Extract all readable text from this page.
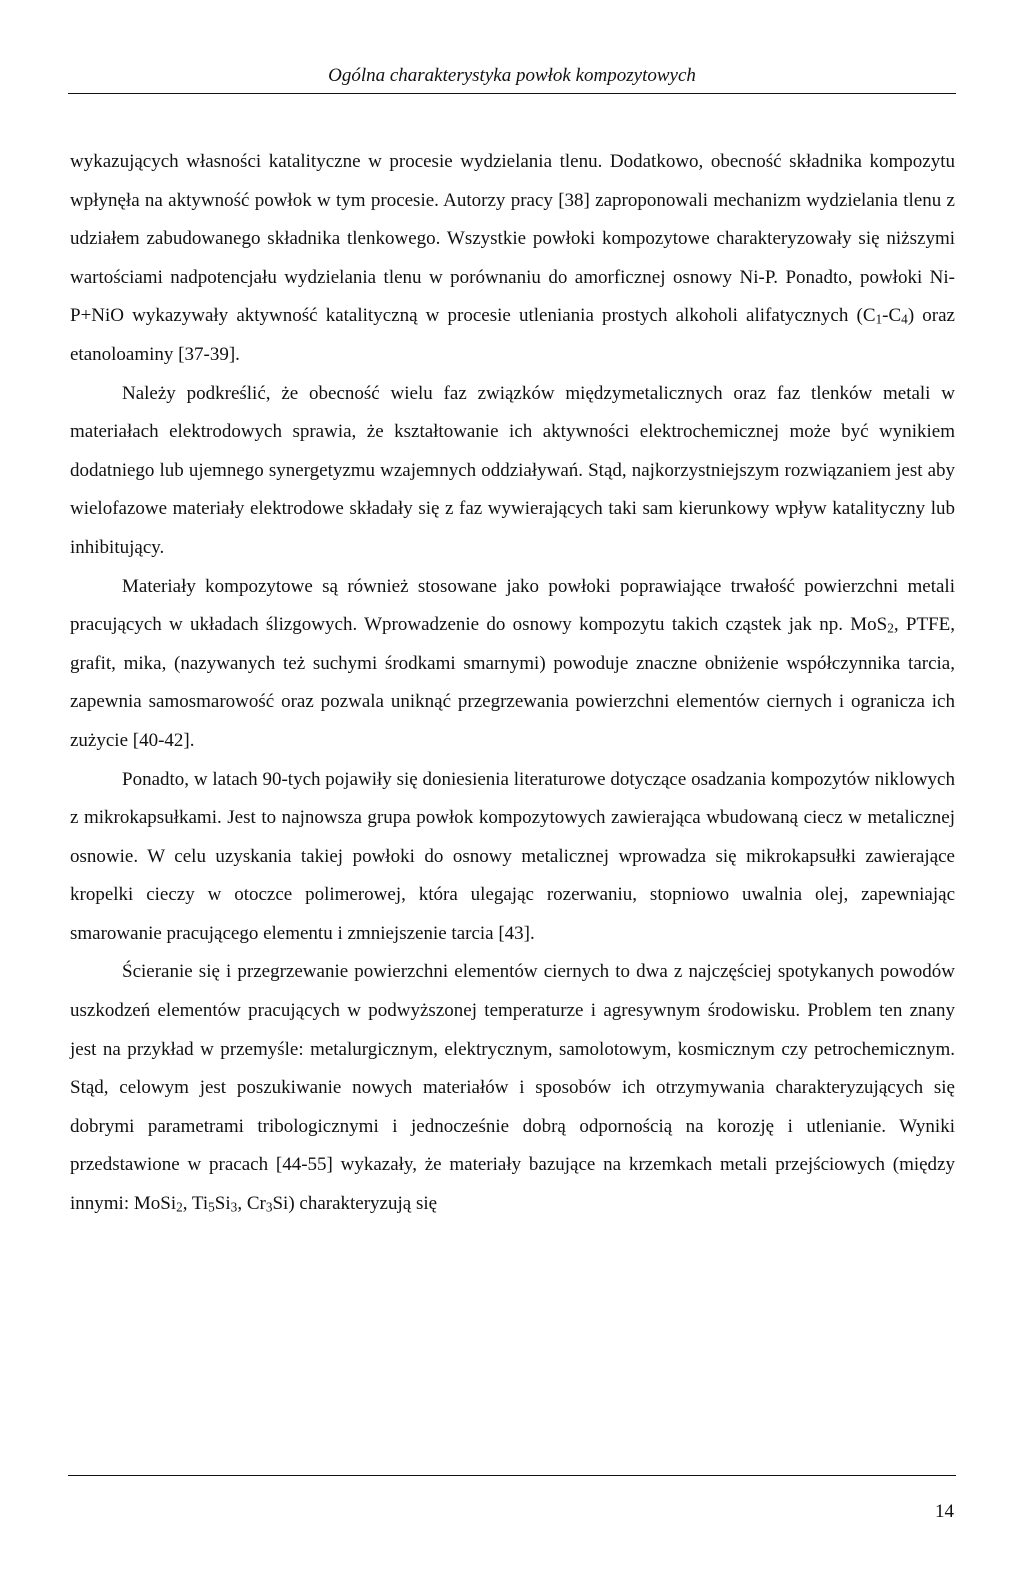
Ogólna charakterystyka powłok kompozytowych

wykazujących własności katalityczne w procesie wydzielania tlenu. Dodatkowo, obecność składnika kompozytu wpłynęła na aktywność powłok w tym procesie. Autorzy pracy [38] zaproponowali mechanizm wydzielania tlenu z udziałem zabudowanego składnika tlenkowego. Wszystkie powłoki kompozytowe charakteryzowały się niższymi wartościami nadpotencjału wydzielania tlenu w porównaniu do amorficznej osnowy Ni-P. Ponadto, powłoki Ni-P+NiO wykazywały aktywność katalityczną w procesie utleniania prostych alkoholi alifatycznych $(C_1-C_4)$ oraz etanoloaminy [37-39].

Należy podkreślić, że obecność wielu faz związków międzymetalicznych oraz faz tlenków metali w materiałach elektrodowych sprawia, że kształtowanie ich aktywności elektrochemicznej może być wynikiem dodatniego lub ujemnego synergetyzmu wzajemnych oddziaływań. Stąd, najkorzystniejszym rozwiązaniem jest aby wielofazowe materiały elektrodowe składały się z faz wywierających taki sam kierunkowy wpływ katalityczny lub inhibitujący.

Materiały kompozytowe są również stosowane jako powłoki poprawiające trwałość powierzchni metali pracujących w układach ślizgowych. Wprowadzenie do osnowy kompozytu takich cząstek jak np. MoS$_2$, PTFE, grafit, mika, (nazywanych też suchymi środkami smarnymi) powoduje znaczne obniżenie współczynnika tarcia, zapewnia samosmarowość oraz pozwala uniknąć przegrzewania powierzchni elementów ciernych i ogranicza ich zużycie [40-42].

Ponadto, w latach 90-tych pojawiły się doniesienia literaturowe dotyczące osadzania kompozytów niklowych z mikrokapsułkami. Jest to najnowsza grupa powłok kompozytowych zawierająca wbudowaną ciecz w metalicznej osnowie. W celu uzyskania takiej powłoki do osnowy metalicznej wprowadza się mikrokapsułki zawierające kropelki cieczy w otoczce polimerowej, która ulegając rozerwaniu, stopniowo uwalnia olej, zapewniając smarowanie pracującego elementu i zmniejszenie tarcia [43].

Ścieranie się i przegrzewanie powierzchni elementów ciernych to dwa z najczęściej spotykanych powodów uszkodzeń elementów pracujących w podwyższonej temperaturze i agresywnym środowisku. Problem ten znany jest na przykład w przemyśle: metalurgicznym, elektrycznym, samolotowym, kosmicznym czy petrochemicznym. Stąd, celowym jest poszukiwanie nowych materiałów i sposobów ich otrzymywania charakteryzujących się dobrymi parametrami tribologicznymi i jednocześnie dobrą odpornością na korozję i utlenianie. Wyniki przedstawione w pracach [44-55] wykazały, że materiały bazujące na krzemkach metali przejściowych (między innymi: MoSi$_2$, $Ti_5Si_3$, $Cr_3Si$) charakteryzują się

14
